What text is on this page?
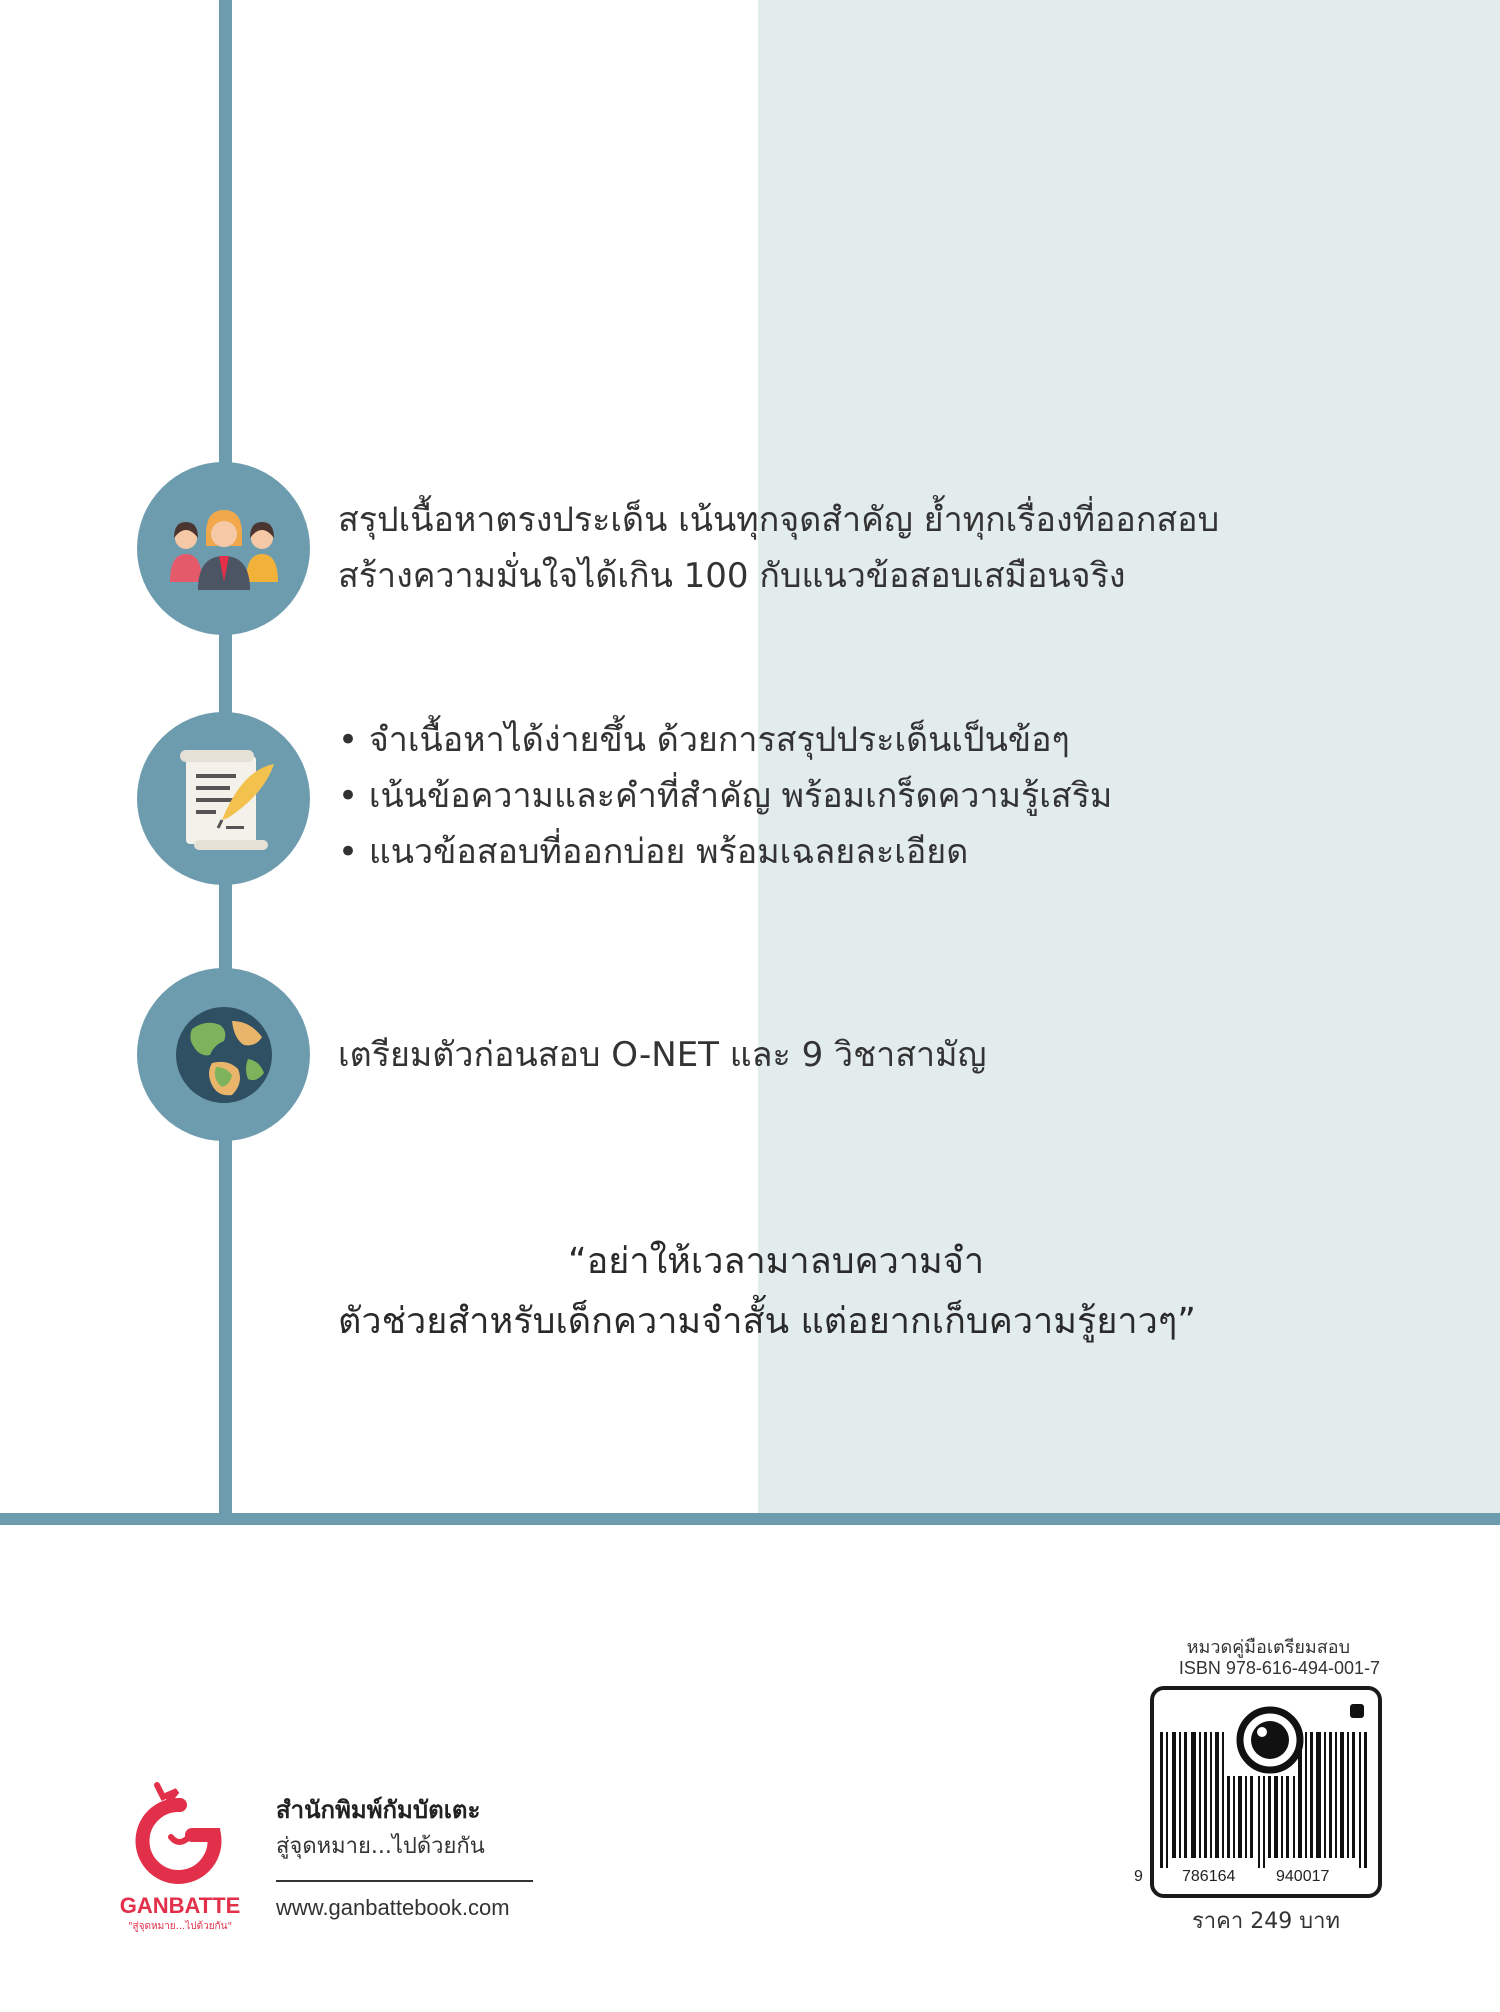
สรุปเนื้อหาตรงประเด็น เน้นทุกจุดสำคัญ ย้ำทุกเรื่องที่ออกสอบ
สร้างความมั่นใจได้เกิน 100 กับแนวข้อสอบเสมือนจริง
• จำเนื้อหาได้ง่ายขึ้น ด้วยการสรุปประเด็นเป็นข้อๆ
• เน้นข้อความและคำที่สำคัญ พร้อมเกร็ดความรู้เสริม
• แนวข้อสอบที่ออกบ่อย พร้อมเฉลยละเอียด
เตรียมตัวก่อนสอบ O-NET และ 9 วิชาสามัญ
“อย่าให้เวลามาลบความจำ
ตัวช่วยสำหรับเด็กความจำสั้น แต่อยากเก็บความรู้ยาวๆ”
GANBATTE
"สู่จุดหมาย...ไปด้วยกัน"
สำนักพิมพ์กัมบัตเตะ
สู่จุดหมาย...ไปด้วยกัน
www.ganbattebook.com
หมวดคู่มือเตรียมสอบ
ISBN 978-616-494-001-7
9 786164	940017
ราคา 249 บาท
